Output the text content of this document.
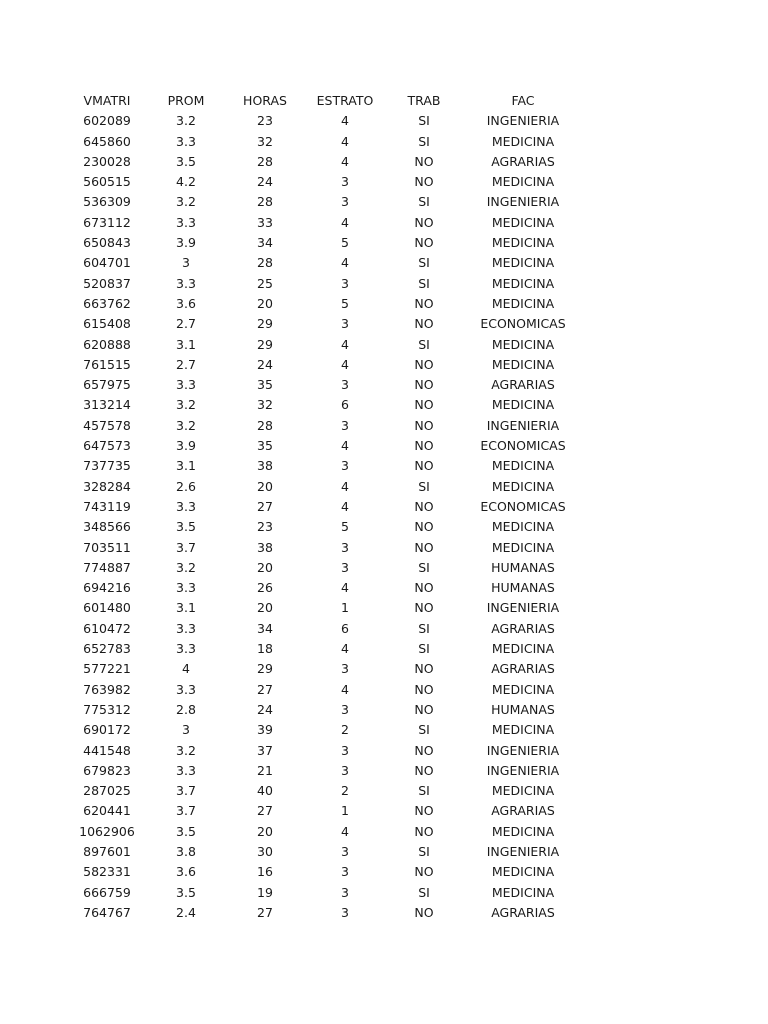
VMATRI	PROM	HORAS	ESTRATO	TRAB	FAC
602089	3.2	23	4	SI	INGENIERIA
645860	3.3	32	4	SI	MEDICINA
230028	3.5	28	4	NO	AGRARIAS
560515	4.2	24	3	NO	MEDICINA
536309	3.2	28	3	SI	INGENIERIA
673112	3.3	33	4	NO	MEDICINA
650843	3.9	34	5	NO	MEDICINA
604701	3	28	4	SI	MEDICINA
520837	3.3	25	3	SI	MEDICINA
663762	3.6	20	5	NO	MEDICINA
615408	2.7	29	3	NO	ECONOMICAS
620888	3.1	29	4	SI	MEDICINA
761515	2.7	24	4	NO	MEDICINA
657975	3.3	35	3	NO	AGRARIAS
313214	3.2	32	6	NO	MEDICINA
457578	3.2	28	3	NO	INGENIERIA
647573	3.9	35	4	NO	ECONOMICAS
737735	3.1	38	3	NO	MEDICINA
328284	2.6	20	4	SI	MEDICINA
743119	3.3	27	4	NO	ECONOMICAS
348566	3.5	23	5	NO	MEDICINA
703511	3.7	38	3	NO	MEDICINA
774887	3.2	20	3	SI	HUMANAS
694216	3.3	26	4	NO	HUMANAS
601480	3.1	20	1	NO	INGENIERIA
610472	3.3	34	6	SI	AGRARIAS
652783	3.3	18	4	SI	MEDICINA
577221	4	29	3	NO	AGRARIAS
763982	3.3	27	4	NO	MEDICINA
775312	2.8	24	3	NO	HUMANAS
690172	3	39	2	SI	MEDICINA
441548	3.2	37	3	NO	INGENIERIA
679823	3.3	21	3	NO	INGENIERIA
287025	3.7	40	2	SI	MEDICINA
620441	3.7	27	1	NO	AGRARIAS
1062906	3.5	20	4	NO	MEDICINA
897601	3.8	30	3	SI	INGENIERIA
582331	3.6	16	3	NO	MEDICINA
666759	3.5	19	3	SI	MEDICINA
764767	2.4	27	3	NO	AGRARIAS
